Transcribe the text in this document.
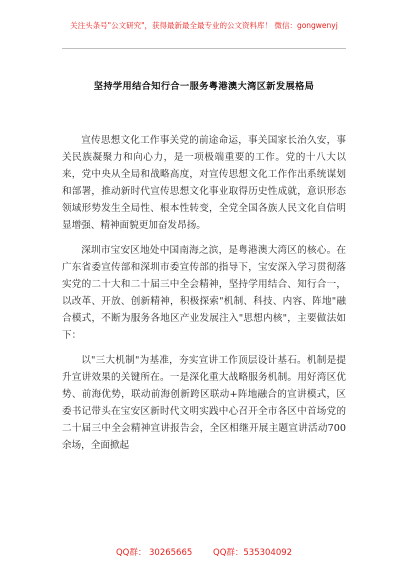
关注头条号"公文研究"，获得最新最全最专业的公文资料库！ 微信：gongwenyj
坚持学用结合知行合一服务粤港澳大湾区新发展格局

宣传思想文化工作事关党的前途命运，事关国家长治久安，事关民族凝聚力和向心力，是一项极端重要的工作。党的十八大以来，党中央从全局和战略高度，对宣传思想文化工作作出系统谋划和部署，推动新时代宣传思想文化事业取得历史性成就，意识形态领域形势发生全局性、根本性转变，全党全国各族人民文化自信明显增强、精神面貌更加奋发昂扬。

深圳市宝安区地处中国南海之滨，是粤港澳大湾区的核心。在广东省委宣传部和深圳市委宣传部的指导下，宝安深入学习贯彻落实党的二十大和二十届三中全会精神，坚持学用结合、知行合一，以改革、开放、创新精神，积极探索"机制、科技、内容、阵地"融合模式，不断为服务各地区产业发展注入"思想内核"，主要做法如下：

以"三大机制"为基准，夯实宣讲工作顶层设计基石。机制是提升宣讲效果的关键所在。一是深化重大战略服务机制。用好湾区优势、前海优势，联动前海创新跨区联动+阵地融合的宣讲模式，区委书记带头在宝安区新时代文明实践中心召开全市各区中首场党的二十届三中全会精神宣讲报告会，全区相继开展主题宣讲活动700余场，全面掀起

QQ群： 30265665 QQ群：535304092
